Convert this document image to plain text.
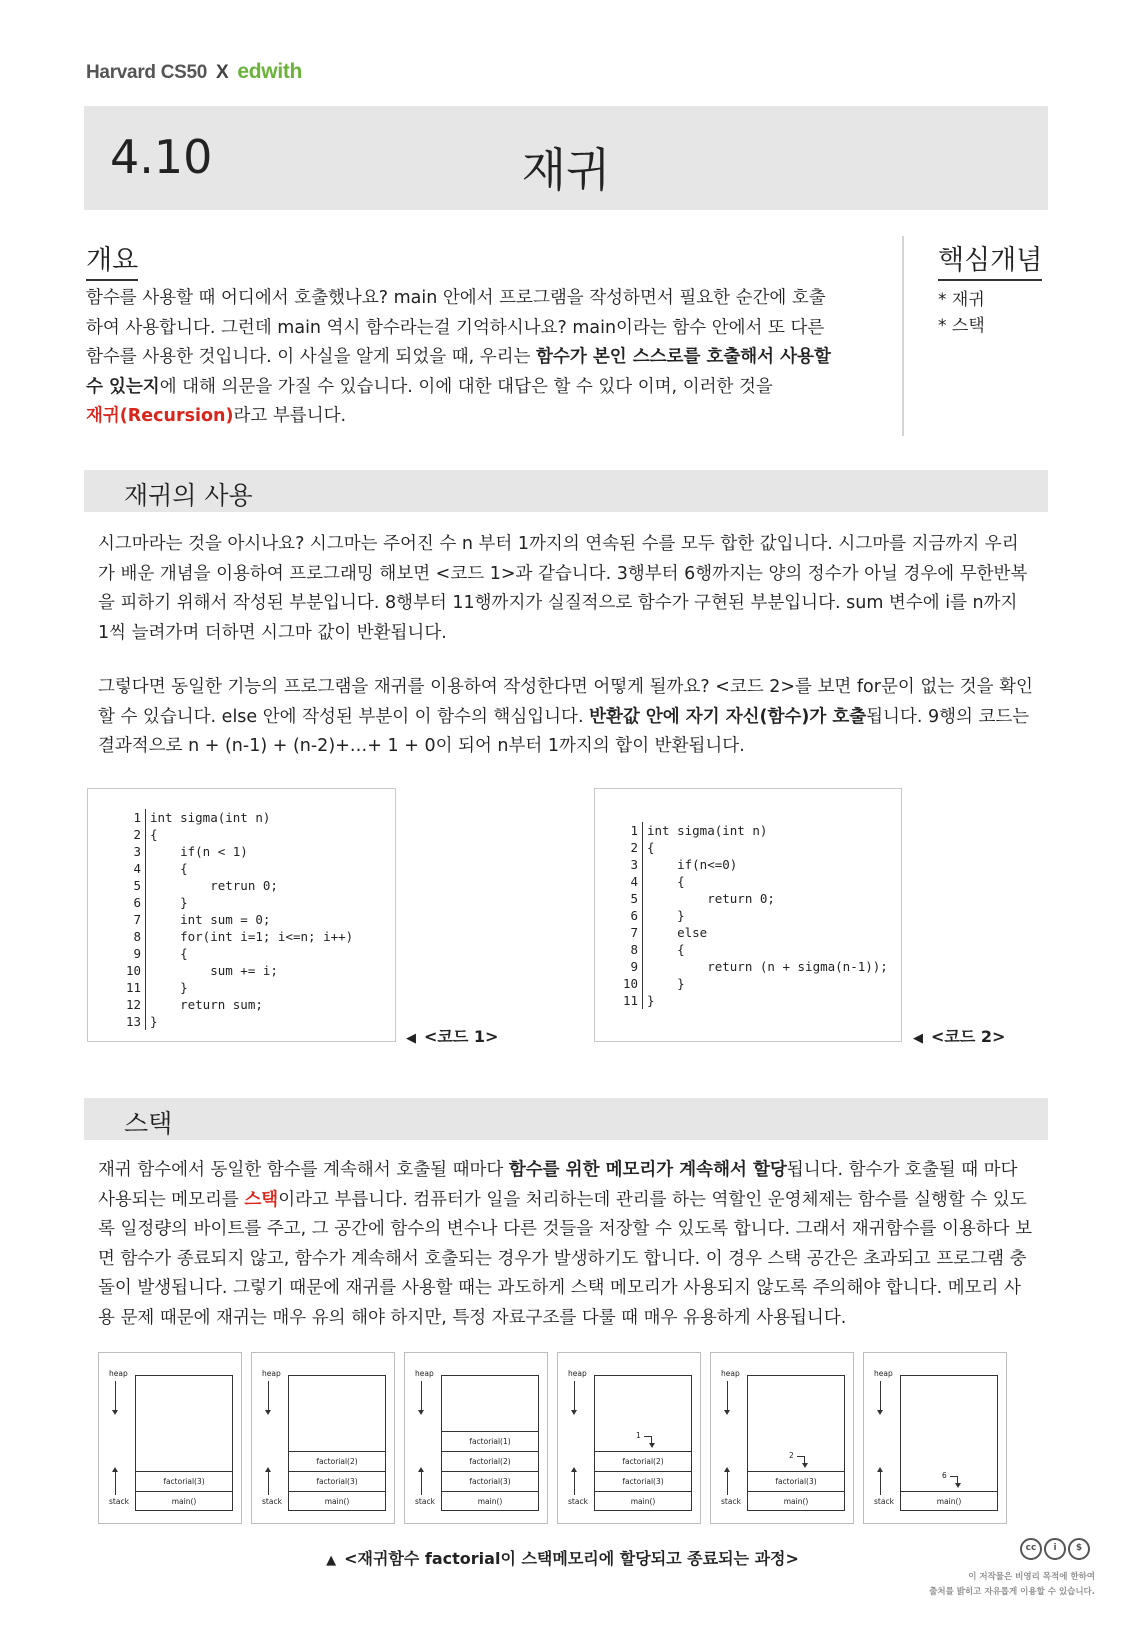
Harvard CS50 X edwith
재귀
4.10
개요

함수를 사용할 때 어디에서 호출했나요? main 안에서 프로그램을 작성하면서 필요한 순간에 호출하여 사용합니다. 그런데 main 역시 함수라는걸 기억하시나요? main이라는 함수 안에서 또 다른 함수를 사용한 것입니다. 이 사실을 알게 되었을 때, 우리는 함수가 본인 스스로를 호출해서 사용할 수 있는지에 대해 의문을 가질 수 있습니다. 이에 대한 대답은 할 수 있다 이며, 이러한 것을
재귀(Recursion)라고 부릅니다.

핵심개념
* 재귀
* 스택
재귀의 사용

시그마라는 것을 아시나요? 시그마는 주어진 수 n 부터 1까지의 연속된 수를 모두 합한 값입니다. 시그마를 지금까지 우리가 배운 개념을 이용하여 프로그래밍 해보면 <코드 1>과 같습니다. 3행부터 6행까지는 양의 정수가 아닐 경우에 무한반복을 피하기 위해서 작성된 부분입니다. 8행부터 11행까지가 실질적으로 함수가 구현된 부분입니다. sum 변수에 i를 n까지 1씩 늘려가며 더하면 시그마 값이 반환됩니다.

그렇다면 동일한 기능의 프로그램을 재귀를 이용하여 작성한다면 어떻게 될까요? <코드 2>를 보면 for문이 없는 것을 확인할 수 있습니다. else 안에 작성된 부분이 이 함수의 핵심입니다. 반환값 안에 자기 자신(함수)가 호출됩니다. 9행의 코드는 결과적으로 n + (n-1) + (n-2)+…+ 1 + 0이 되어 n부터 1까지의 합이 반환됩니다.

1 int sigma(int n)
2 {
3 if(n < 1)
4 {
5 retrun 0;
6 }
7 int sum = 0;
8 for(int i=1; i<=n; i++)
9 {
10 sum += i;
11 }
12 return sum;
13 }
◀ <코드 1>
1 int sigma(int n)
2 {
3 if(n<=0)
4 {
5 return 0;
6 }
7 else
8 {
9 return (n + sigma(n-1));
10 }
11 }
◀ <코드 2>
스택

재귀 함수에서 동일한 함수를 계속해서 호출될 때마다 함수를 위한 메모리가 계속해서 할당됩니다. 함수가 호출될 때 마다 사용되는 메모리를 스택이라고 부릅니다. 컴퓨터가 일을 처리하는데 관리를 하는 역할인 운영체제는 함수를 실행할 수 있도록 일정량의 바이트를 주고, 그 공간에 함수의 변수나 다른 것들을 저장할 수 있도록 합니다. 그래서 재귀함수를 이용하다 보면 함수가 종료되지 않고, 함수가 계속해서 호출되는 경우가 발생하기도 합니다. 이 경우 스택 공간은 초과되고 프로그램 충돌이 발생됩니다. 그렇기 때문에 재귀를 사용할 때는 과도하게 스택 메모리가 사용되지 않도록 주의해야 합니다. 메모리 사용 문제 때문에 재귀는 매우 유의 해야 하지만, 특정 자료구조를 다룰 때 매우 유용하게 사용됩니다.

heap
stack	main()
factorial(3)
heap
stack	main()
factorial(3)
factorial(2)
heap
stack	main()
factorial(3)
factorial(2)
factorial(1)
heap
stack	main()
factorial(3)
factorial(2)
1
heap
stack	main()
factorial(3)
2
heap
stack	main()
6
▲ <재귀함수 factorial이 스택메모리에 할당되고 종료되는 과정>
cc	i	$
이 저작물은 비영리 목적에 한하여
출처를 밝히고 자유롭게 이용할 수 있습니다.
